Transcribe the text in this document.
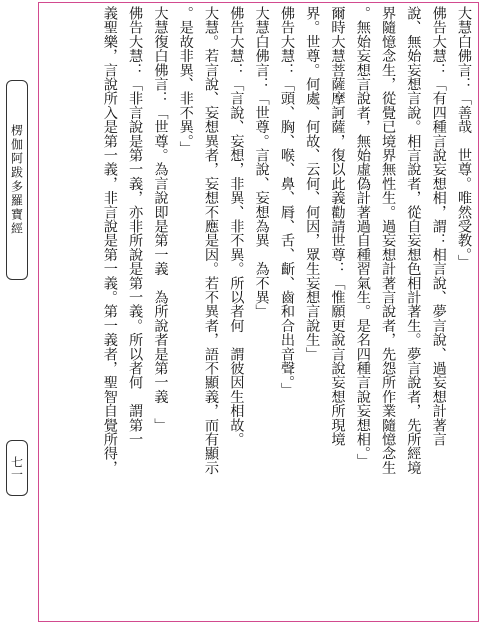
楞伽阿跋多羅寶經
七一

大慧白佛言：「善哉　世尊。唯然受教。」

佛告大慧：「有四種言說妄想相，謂：相言說、夢言說、過妄想計著言

說、無始妄想言說。相言說者，從自妄想色相計著生。夢言說者，先所經境

界隨憶念生，從覺已境界無性生。過妄想計著言說者，先怨所作業隨憶念生

。無始妄想言說者，無始虛偽計著過自種習氣生。是名四種言說妄想相。」

爾時大慧菩薩摩訶薩，復以此義勸請世尊：「惟願更說言說妄想所現境

界。世尊。何處、何故、云何、何因，眾生妄想言說生」

佛告大慧：「頭、胸、喉、鼻、脣、舌、齗、齒和合出音聲。」

大慧白佛言：「世尊。言說、妄想為異　為不異」

佛告大慧：「言說、妄想，非異、非不異。所以者何　謂彼因生相故。

大慧。若言說、妄想異者，妄想不應是因。若不異者，語不顯義，而有顯示

。是故非異、非不異。」

大慧復白佛言：「世尊。為言說即是第一義　為所說者是第一義　」

佛告大慧：「非言說是第一義，亦非所說是第一義。所以者何　謂第一

義聖樂，言說所入是第一義，非言說是第一義。第一義者，聖智自覺所得，
